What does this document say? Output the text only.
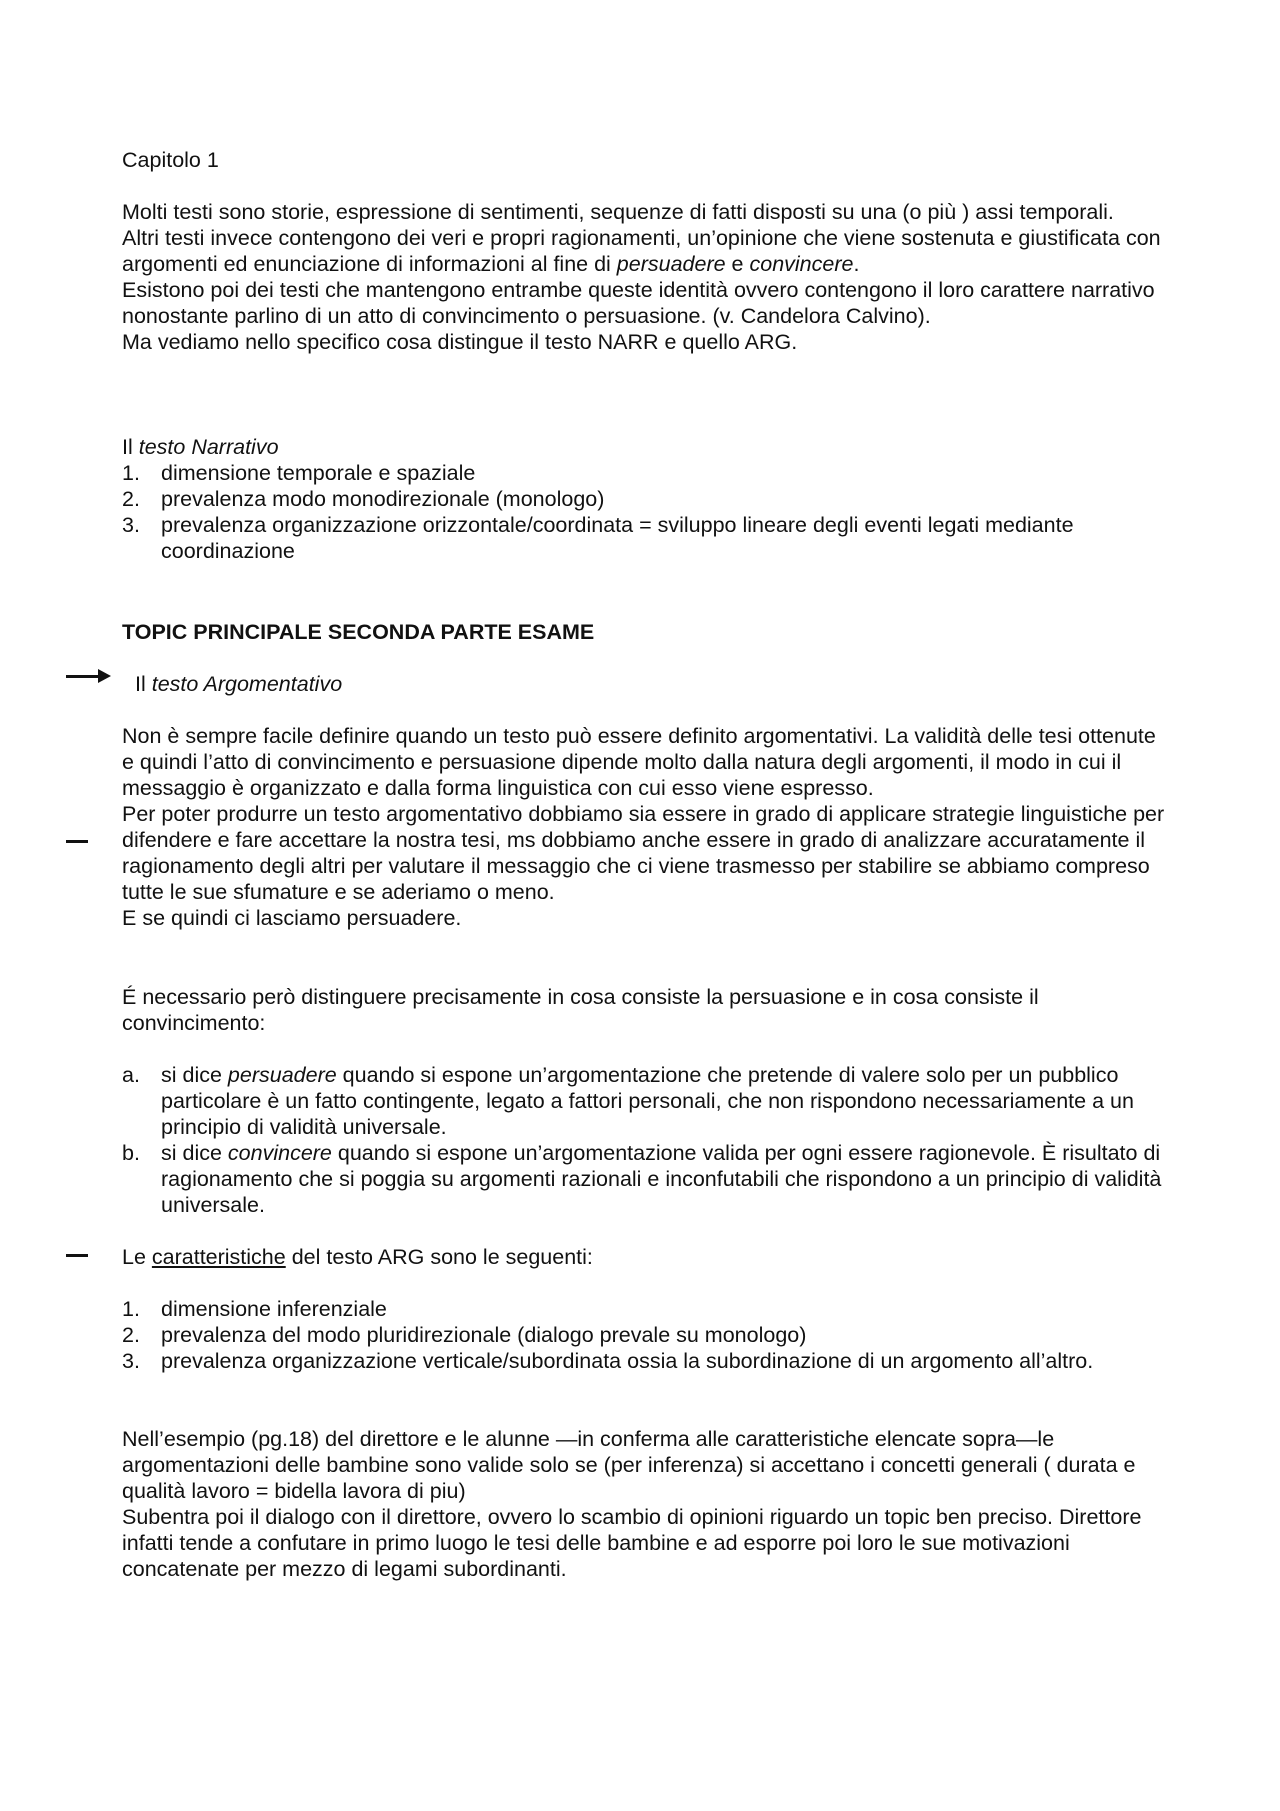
Capitolo 1

Molti testi sono storie, espressione di sentimenti, sequenze di fatti disposti su una (o più ) assi temporali.

Altri testi invece contengono dei veri e propri ragionamenti, un’opinione che viene sostenuta e giustificata con argomenti ed enunciazione di informazioni al fine di persuadere e convincere.

Esistono poi dei testi che mantengono entrambe queste identità ovvero contengono il loro carattere narrativo nonostante parlino di un atto di convincimento o persuasione. (v. Candelora Calvino).

Ma vediamo nello specifico cosa distingue il testo NARR e quello ARG.

Il testo Narrativo

1. dimensione temporale e spaziale

2. prevalenza modo monodirezionale (monologo)

3. prevalenza organizzazione orizzontale/coordinata = sviluppo lineare degli eventi legati mediante coordinazione

TOPIC PRINCIPALE SECONDA PARTE ESAME

Il testo Argomentativo

Non è sempre facile definire quando un testo può essere definito argomentativi. La validità delle tesi ottenute e quindi l’atto di convincimento e persuasione dipende molto dalla natura degli argomenti, il modo in cui il messaggio è organizzato e dalla forma linguistica con cui esso viene espresso.

Per poter produrre un testo argomentativo dobbiamo sia essere in grado di applicare strategie linguistiche per difendere e fare accettare la nostra tesi, ms dobbiamo anche essere in grado di analizzare accuratamente il ragionamento degli altri per valutare il messaggio che ci viene trasmesso per stabilire se abbiamo compreso tutte le sue sfumature e se aderiamo o meno.

E se quindi ci lasciamo persuadere.

É necessario però distinguere precisamente in cosa consiste la persuasione e in cosa consiste il convincimento:

a. si dice persuadere quando si espone un’argomentazione che pretende di valere solo per un pubblico particolare è un fatto contingente, legato a fattori personali, che non rispondono necessariamente a un principio di validità universale.

b. si dice convincere quando si espone un’argomentazione valida per ogni essere ragionevole. È risultato di ragionamento che si poggia su argomenti razionali e inconfutabili che rispondono a un principio di validità universale.

Le caratteristiche del testo ARG sono le seguenti:

1. dimensione inferenziale

2. prevalenza del modo pluridirezionale (dialogo prevale su monologo)

3. prevalenza organizzazione verticale/subordinata ossia la subordinazione di un argomento all’altro.

Nell’esempio (pg.18) del direttore e le alunne —in conferma alle caratteristiche elencate sopra—le argomentazioni delle bambine sono valide solo se (per inferenza) si accettano i concetti generali ( durata e qualità lavoro = bidella lavora di piu)

Subentra poi il dialogo con il direttore, ovvero lo scambio di opinioni riguardo un topic ben preciso. Direttore infatti tende a confutare in primo luogo le tesi delle bambine e ad esporre poi loro le sue motivazioni concatenate per mezzo di legami subordinanti.
